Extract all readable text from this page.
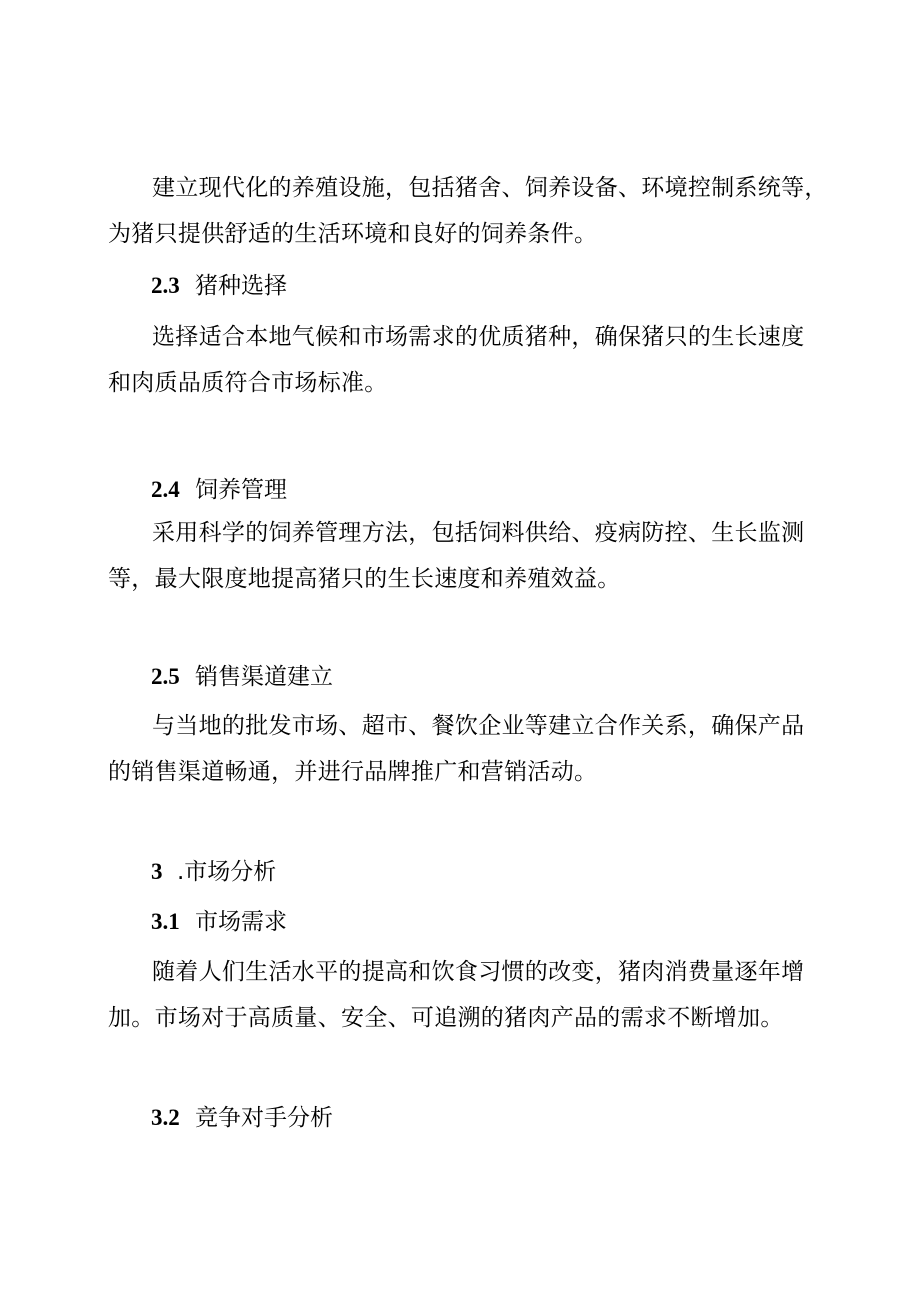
建立现代化的养殖设施，包括猪舍、饲养设备、环境控制系统等，
为猪只提供舒适的生活环境和良好的饲养条件。

2.3 猪种选择

选择适合本地气候和市场需求的优质猪种，确保猪只的生长速度
和肉质品质符合市场标准。

2.4 饲养管理

采用科学的饲养管理方法，包括饲料供给、疫病防控、生长监测
等，最大限度地提高猪只的生长速度和养殖效益。

2.5 销售渠道建立

与当地的批发市场、超市、餐饮企业等建立合作关系，确保产品
的销售渠道畅通，并进行品牌推广和营销活动。

3 .市场分析
3.1 市场需求

随着人们生活水平的提高和饮食习惯的改变，猪肉消费量逐年增
加。市场对于高质量、安全、可追溯的猪肉产品的需求不断增加。

3.2 竞争对手分析
